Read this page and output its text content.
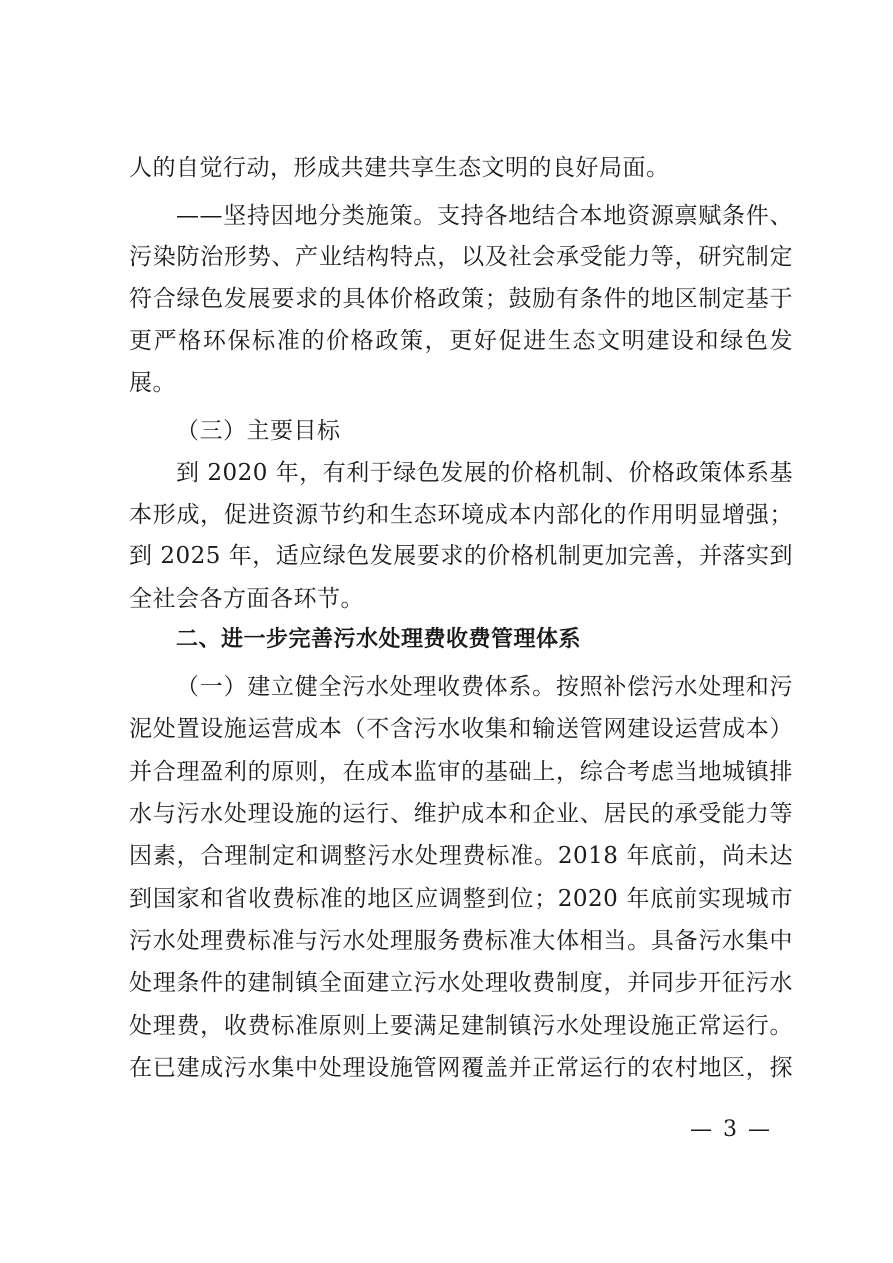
人的自觉行动，形成共建共享生态文明的良好局面。
——坚持因地分类施策。支持各地结合本地资源禀赋条件、
污染防治形势、产业结构特点，以及社会承受能力等，研究制定
符合绿色发展要求的具体价格政策；鼓励有条件的地区制定基于
更严格环保标准的价格政策，更好促进生态文明建设和绿色发
展。
（三）主要目标
到 2020 年，有利于绿色发展的价格机制、价格政策体系基
本形成，促进资源节约和生态环境成本内部化的作用明显增强；
到 2025 年，适应绿色发展要求的价格机制更加完善，并落实到
全社会各方面各环节。
二、进一步完善污水处理费收费管理体系
（一）建立健全污水处理收费体系。按照补偿污水处理和污
泥处置设施运营成本（不含污水收集和输送管网建设运营成本）
并合理盈利的原则，在成本监审的基础上，综合考虑当地城镇排
水与污水处理设施的运行、维护成本和企业、居民的承受能力等
因素，合理制定和调整污水处理费标准。2018 年底前，尚未达
到国家和省收费标准的地区应调整到位；2020 年底前实现城市
污水处理费标准与污水处理服务费标准大体相当。具备污水集中
处理条件的建制镇全面建立污水处理收费制度，并同步开征污水
处理费，收费标准原则上要满足建制镇污水处理设施正常运行。
在已建成污水集中处理设施管网覆盖并正常运行的农村地区，探
— 3 —
